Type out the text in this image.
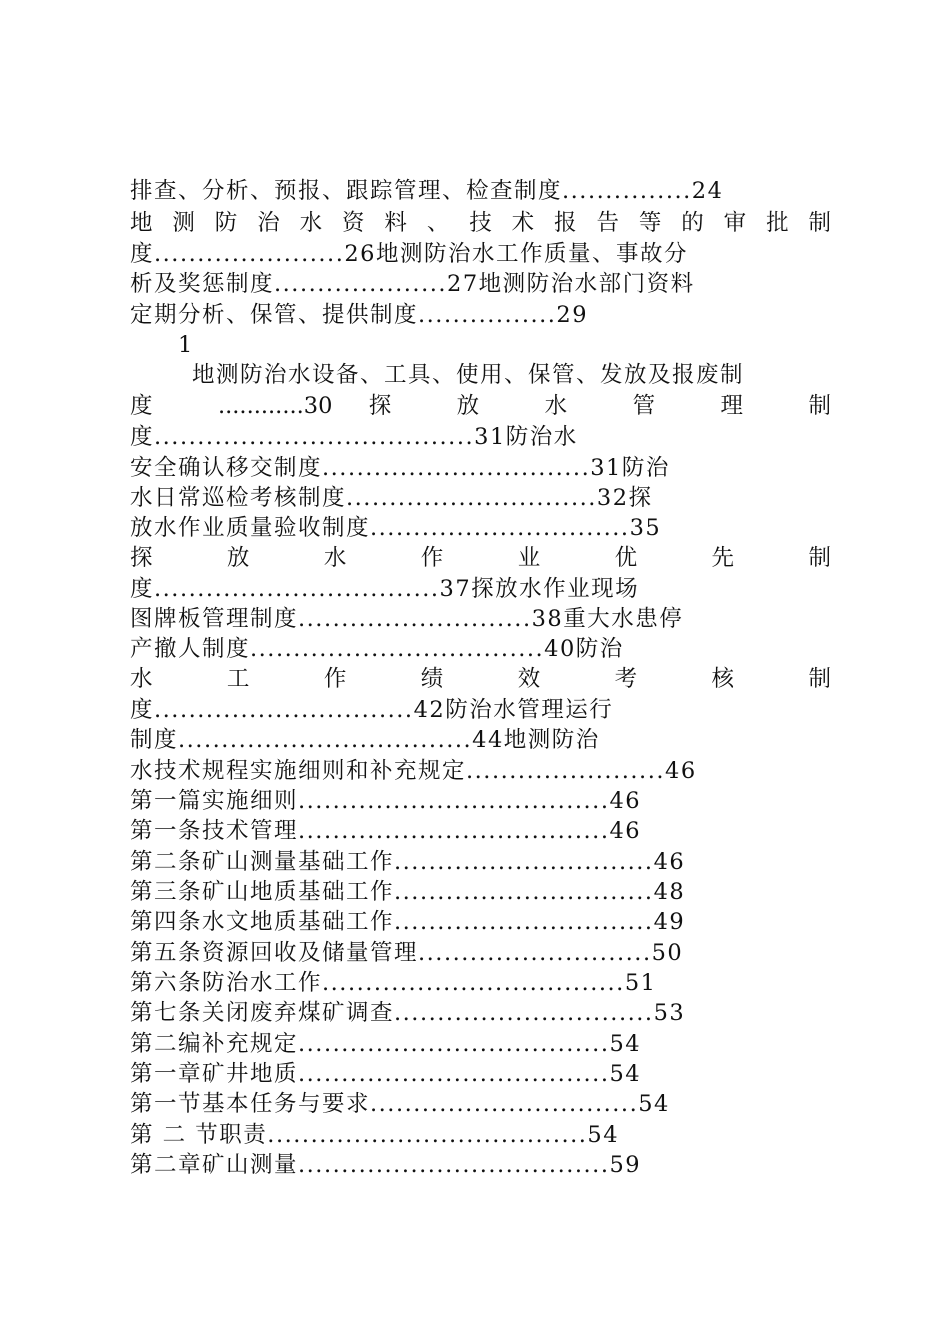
排查、分析、预报、跟踪管理、检查制度...............24
地 测 防 治 水 资 料 、 技 术 报 告 等 的 审 批 制
度......................26地测防治水工作质量、事故分
析及奖惩制度....................27地测防治水部门资料
定期分析、保管、提供制度................29
1
地测防治水设备、工具、使用、保管、发放及报废制
度 ............30 探 放 水 管 理 制
度.....................................31防治水
安全确认移交制度...............................31防治
水日常巡检考核制度.............................32探
放水作业质量验收制度..............................35
探 放 水 作 业 优 先 制
度.................................37探放水作业现场
图牌板管理制度...........................38重大水患停
产撤人制度..................................40防治
水 工 作 绩 效 考 核 制
度..............................42防治水管理运行
制度..................................44地测防治
水技术规程实施细则和补充规定.......................46
第一篇实施细则....................................46
第一条技术管理....................................46
第二条矿山测量基础工作..............................46
第三条矿山地质基础工作..............................48
第四条水文地质基础工作..............................49
第五条资源回收及储量管理...........................50
第六条防治水工作...................................51
第七条关闭废弃煤矿调查..............................53
第二编补充规定....................................54
第一章矿井地质....................................54
第一节基本任务与要求...............................54
第 二 节职责.....................................54
第二章矿山测量....................................59
